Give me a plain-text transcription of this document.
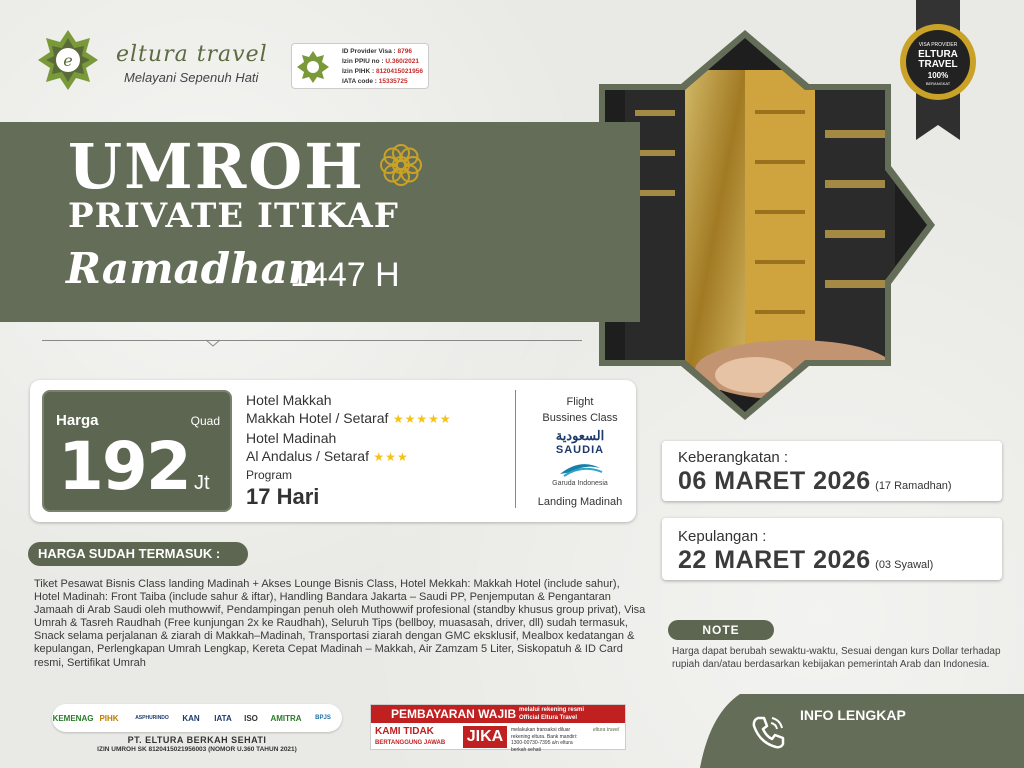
VISA PROVIDER
ELTURA
TRAVEL
100%
BERANGKAT
e eltura travel
Melayani Sepenuh Hati
ID Provider Visa : 8796
Izin PPIU no : U.360/2021
Izin PIHK : 8120415021956
IATA code : 15335725
UMROH
PRIVATE ITIKAF
Ramadhan
1447 H
Harga	Quad
192 Jt
Hotel Makkah
Makkah Hotel / Setaraf ★★★★★
Hotel Madinah
Al Andalus / Setaraf ★★★
Program
17 Hari
Flight
Bussines Class
السعودية
SAUDIA
Garuda Indonesia
Landing Madinah
Keberangkatan :
06 MARET 2026 (17 Ramadhan)
Kepulangan :
22 MARET 2026 (03 Syawal)
HARGA SUDAH TERMASUK :
Tiket Pesawat Bisnis Class landing Madinah + Akses Lounge Bisnis Class, Hotel Mekkah: Makkah Hotel (include sahur), Hotel Madinah: Front Taiba (include sahur & iftar), Handling Bandara Jakarta – Saudi PP, Penjemputan & Pengantaran Jamaah di Arab Saudi oleh muthowwif, Pendampingan penuh oleh Muthowwif profesional (standby khusus group privat), Visa Umrah & Tasreh Raudhah (Free kunjungan 2x ke Raudhah), Seluruh Tips (bellboy, muasasah, driver, dll) sudah termasuk, Snack selama perjalanan & ziarah di Makkah–Madinah, Transportasi ziarah dengan GMC eksklusif, Mealbox kedatangan & kepulangan, Perlengkapan Umrah Lengkap, Kereta Cepat Madinah – Makkah, Air Zamzam 5 Liter, Siskopatuh & ID Card resmi, Sertifikat Umrah
NOTE
Harga dapat berubah sewaktu-waktu, Sesuai dengan kurs Dollar terhadap rupiah dan/atau berdasarkan kebijakan pemerintah Arab dan Indonesia.
KEMENAG PIHK	ASPHURINDO	KAN	IATA	ISO	AMITRA	BPJS
PT. ELTURA BERKAH SEHATI
IZIN UMROH SK 8120415021956003 (NOMOR U.360 TAHUN 2021)
PEMBAYARAN WAJIB melalui rekening resmi
Official Eltura Travel
KAMI TIDAK
BERTANGGUNG JAWAB	JIKA	melakukan transaksi diluar rekening eltura. Bank mandiri: 1300-00730-7395 a/n eltura berkah sehati
eltura travel
INFO LENGKAP
